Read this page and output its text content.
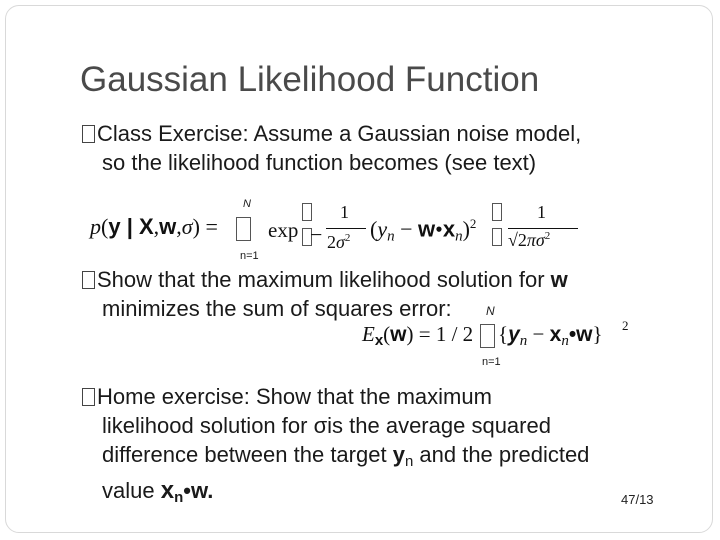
Gaussian Likelihood Function
Class Exercise: Assume a Gaussian noise model,
so the likelihood function becomes (see text)
p(y | X,w,σ) =
N
n=1
exp −
1
$2\sigma^2$ ($y_n$ − $w•x_n)^2$
1
$√2\pi\sigma^2$
Show that the maximum likelihood solution for w
minimizes the sum of squares error:	N
$E_x(w) = 1 / 2$ {$y_n$ − $x_n•w$} 2
n=1
Home exercise: Show that the maximum
likelihood solution for σis the average squared
difference between the target $y_n$ and the predicted
value $x_n•w$.	47/13
